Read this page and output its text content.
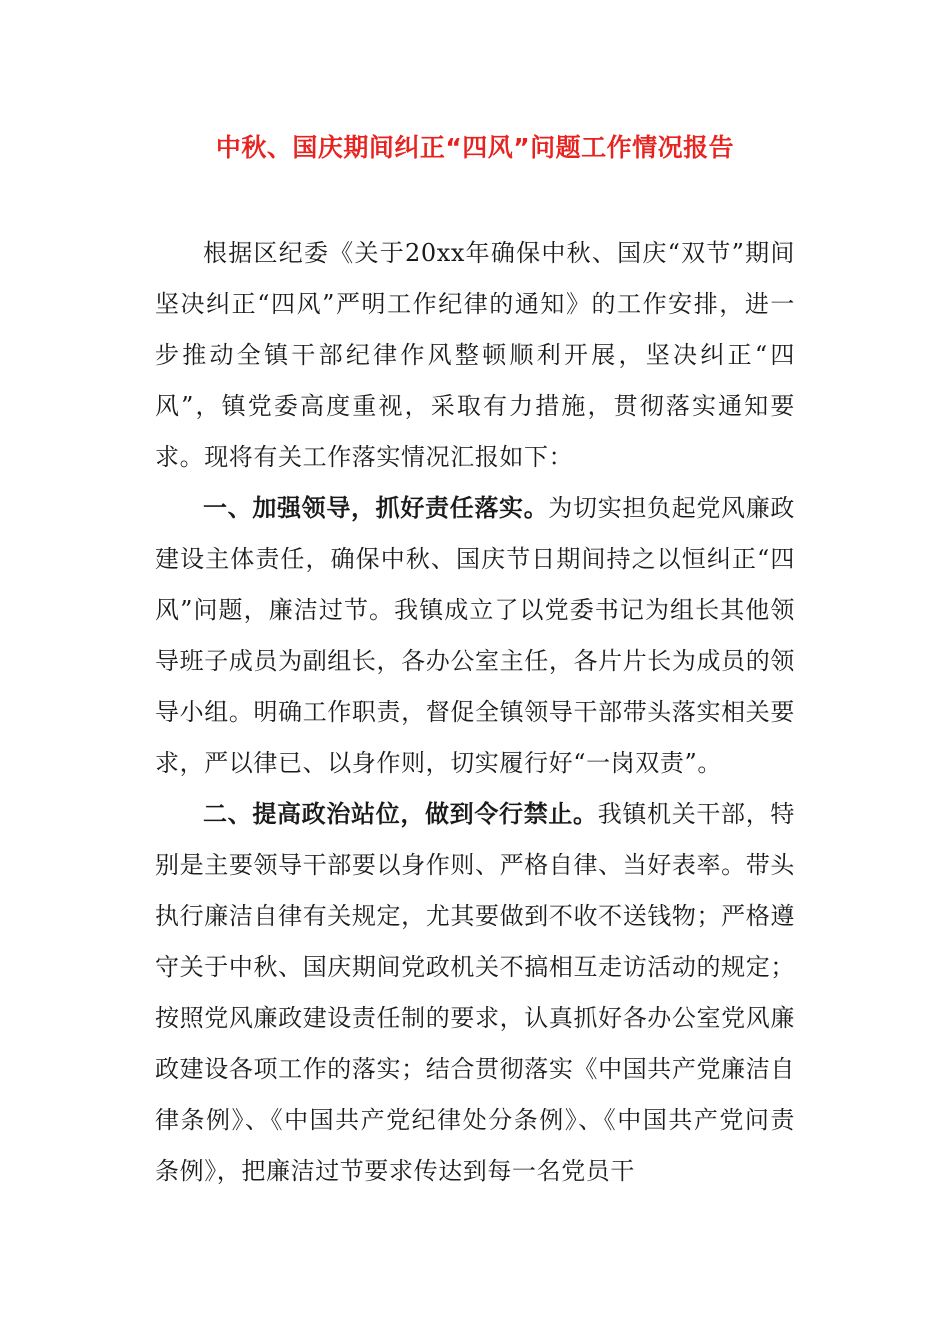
中秋、国庆期间纠正“四风”问题工作情况报告

根据区纪委《关于20xx年确保中秋、国庆“双节”期间坚决纠正“四风”严明工作纪律的通知》的工作安排，进一步推动全镇干部纪律作风整顿顺利开展，坚决纠正“四风”，镇党委高度重视，采取有力措施，贯彻落实通知要求。现将有关工作落实情况汇报如下：

一、加强领导，抓好责任落实。为切实担负起党风廉政建设主体责任，确保中秋、国庆节日期间持之以恒纠正“四风”问题，廉洁过节。我镇成立了以党委书记为组长其他领导班子成员为副组长，各办公室主任，各片片长为成员的领导小组。明确工作职责，督促全镇领导干部带头落实相关要求，严以律已、以身作则，切实履行好“一岗双责”。

二、提高政治站位，做到令行禁止。我镇机关干部，特别是主要领导干部要以身作则、严格自律、当好表率。带头执行廉洁自律有关规定，尤其要做到不收不送钱物；严格遵守关于中秋、国庆期间党政机关不搞相互走访活动的规定；按照党风廉政建设责任制的要求，认真抓好各办公室党风廉政建设各项工作的落实；结合贯彻落实《中国共产党廉洁自律条例》、《中国共产党纪律处分条例》、《中国共产党问责条例》，把廉洁过节要求传达到每一名党员干
